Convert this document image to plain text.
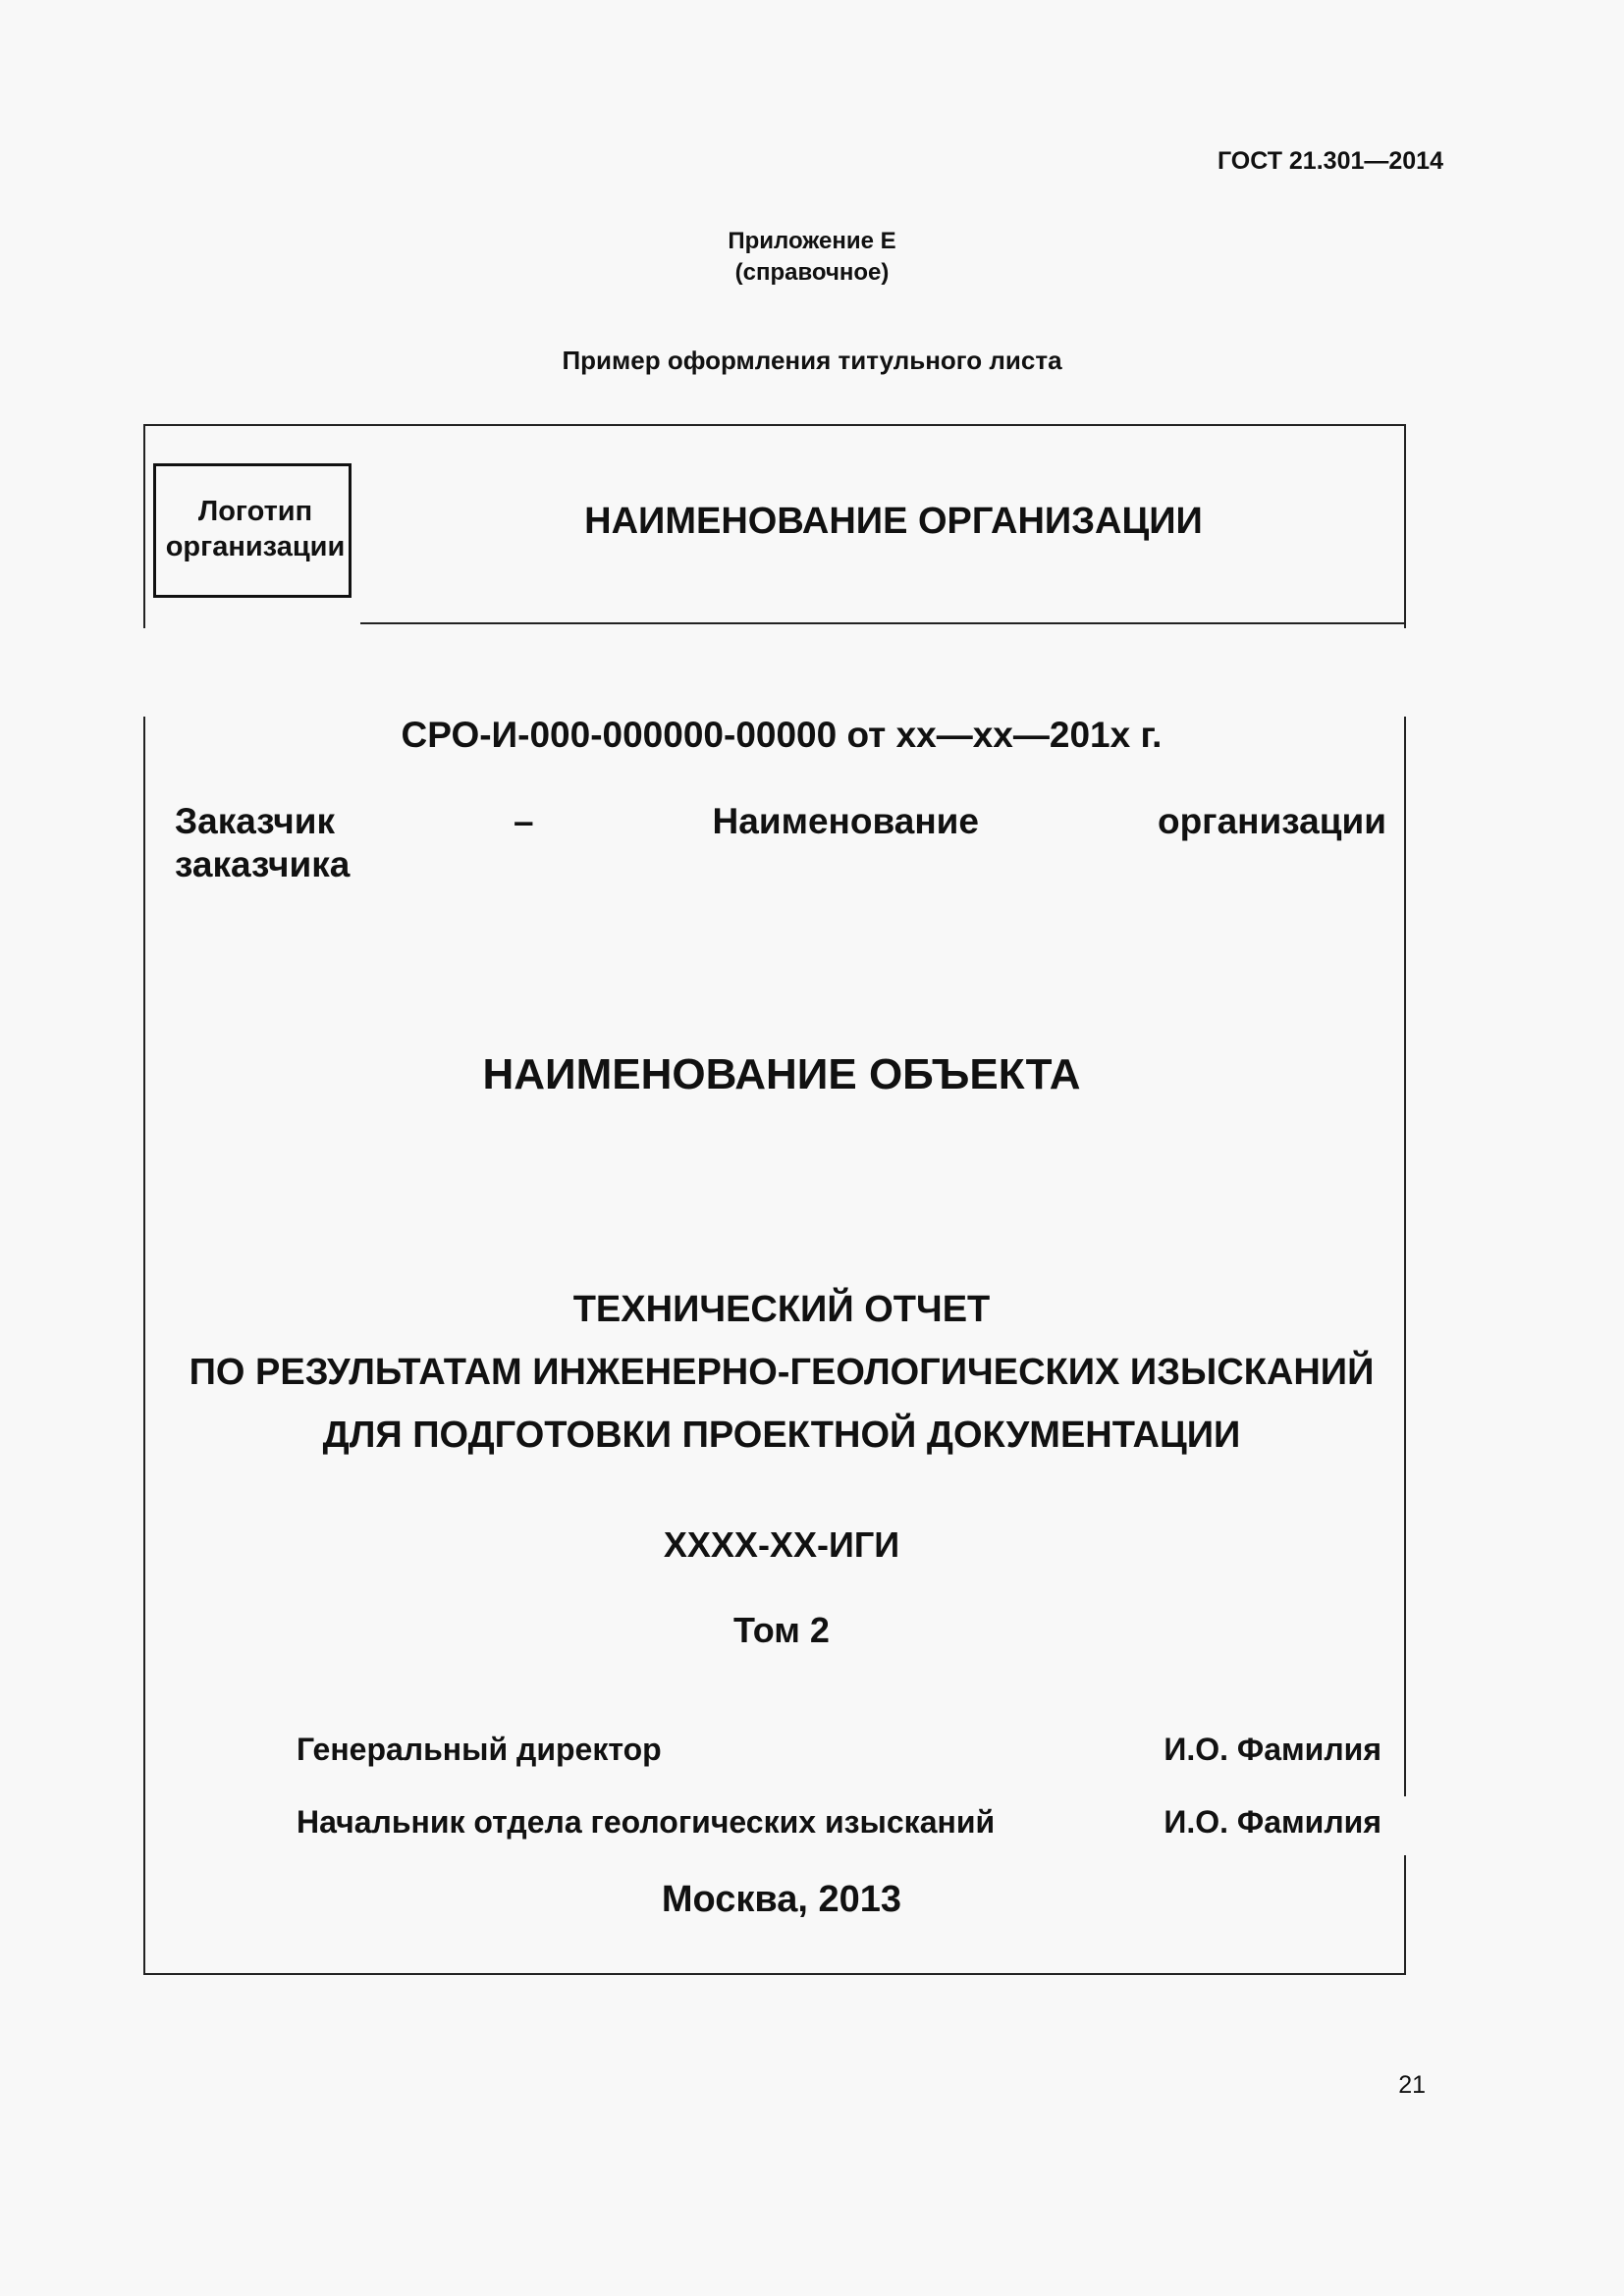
ГОСТ 21.301—2014
Приложение Е
(справочное)
Пример оформления титульного листа
Логотип
организации
НАИМЕНОВАНИЕ ОРГАНИЗАЦИИ
СРО-И-000-000000-00000 от хх—хх—201х г.
Заказчик	–	Наименование	организации
заказчика
НАИМЕНОВАНИЕ ОБЪЕКТА
ТЕХНИЧЕСКИЙ ОТЧЕТ
ПО РЕЗУЛЬТАТАМ ИНЖЕНЕРНО-ГЕОЛОГИЧЕСКИХ ИЗЫСКАНИЙ
ДЛЯ ПОДГОТОВКИ ПРОЕКТНОЙ ДОКУМЕНТАЦИИ
ХХХХ-ХХ-ИГИ
Том 2
Генеральный директор	И.О. Фамилия
Начальник отдела геологических изысканий	И.О. Фамилия
Москва, 2013
21
